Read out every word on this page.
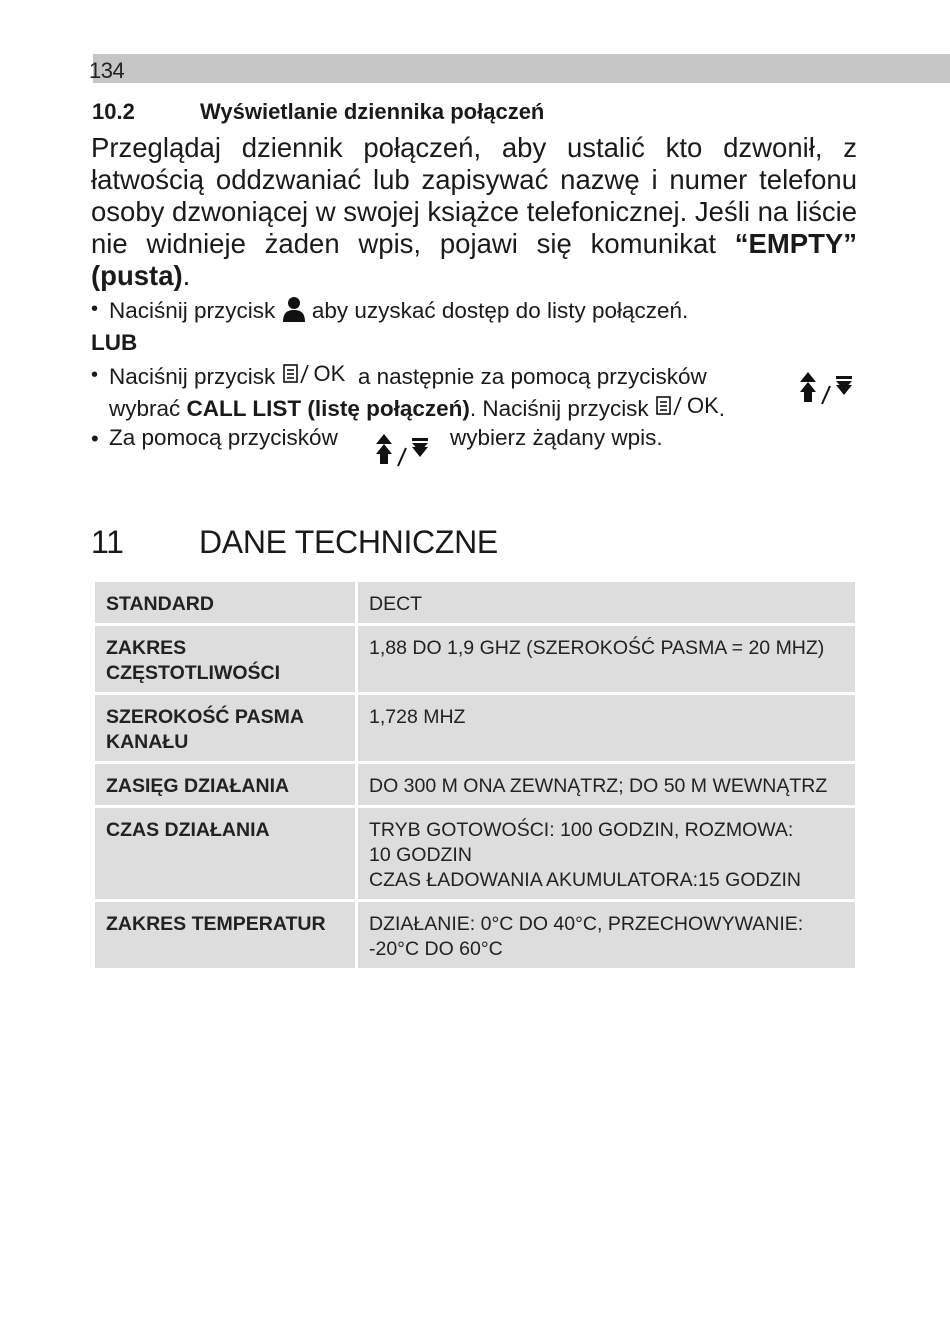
134
10.2	Wyświetlanie dziennika połączeń
Przeglądaj dziennik połączeń, aby ustalić kto dzwonił, z łatwością oddzwaniać lub zapisywać nazwę i numer telefonu osoby dzwoniącej w swojej książce telefonicznej. Jeśli na liście nie widnieje żaden wpis, pojawi się komunikat “EMPTY” (pusta).
• Naciśnij przycisk aby uzyskać dostęp do listy połączeń.
LUB
• Naciśnij przycisk OK a następnie za pomocą przycisków
wybrać CALL LIST (listę połączeń). Naciśnij przycisk OK .
• Za pomocą przycisków	wybierz żądany wpis.
11 DANE TECHNICZNE
STANDARD	DECT
ZAKRES CZĘSTOTLIWOŚCI	1,88 DO 1,9 GHZ (SZEROKOŚĆ PASMA = 20 MHZ)
SZEROKOŚĆ PASMA KANAŁU	1,728 MHZ
ZASIĘG DZIAŁANIA	DO 300 M ONA ZEWNĄTRZ; DO 50 M WEWNĄTRZ
CZAS DZIAŁANIA	TRYB GOTOWOŚCI: 100 GODZIN, ROZMOWA:
10 GODZIN
CZAS ŁADOWANIA AKUMULATORA:15 GODZIN

ZAKRES TEMPERATUR	DZIAŁANIE: 0°C DO 40°C, PRZECHOWYWANIE: -20°C DO 60°C
